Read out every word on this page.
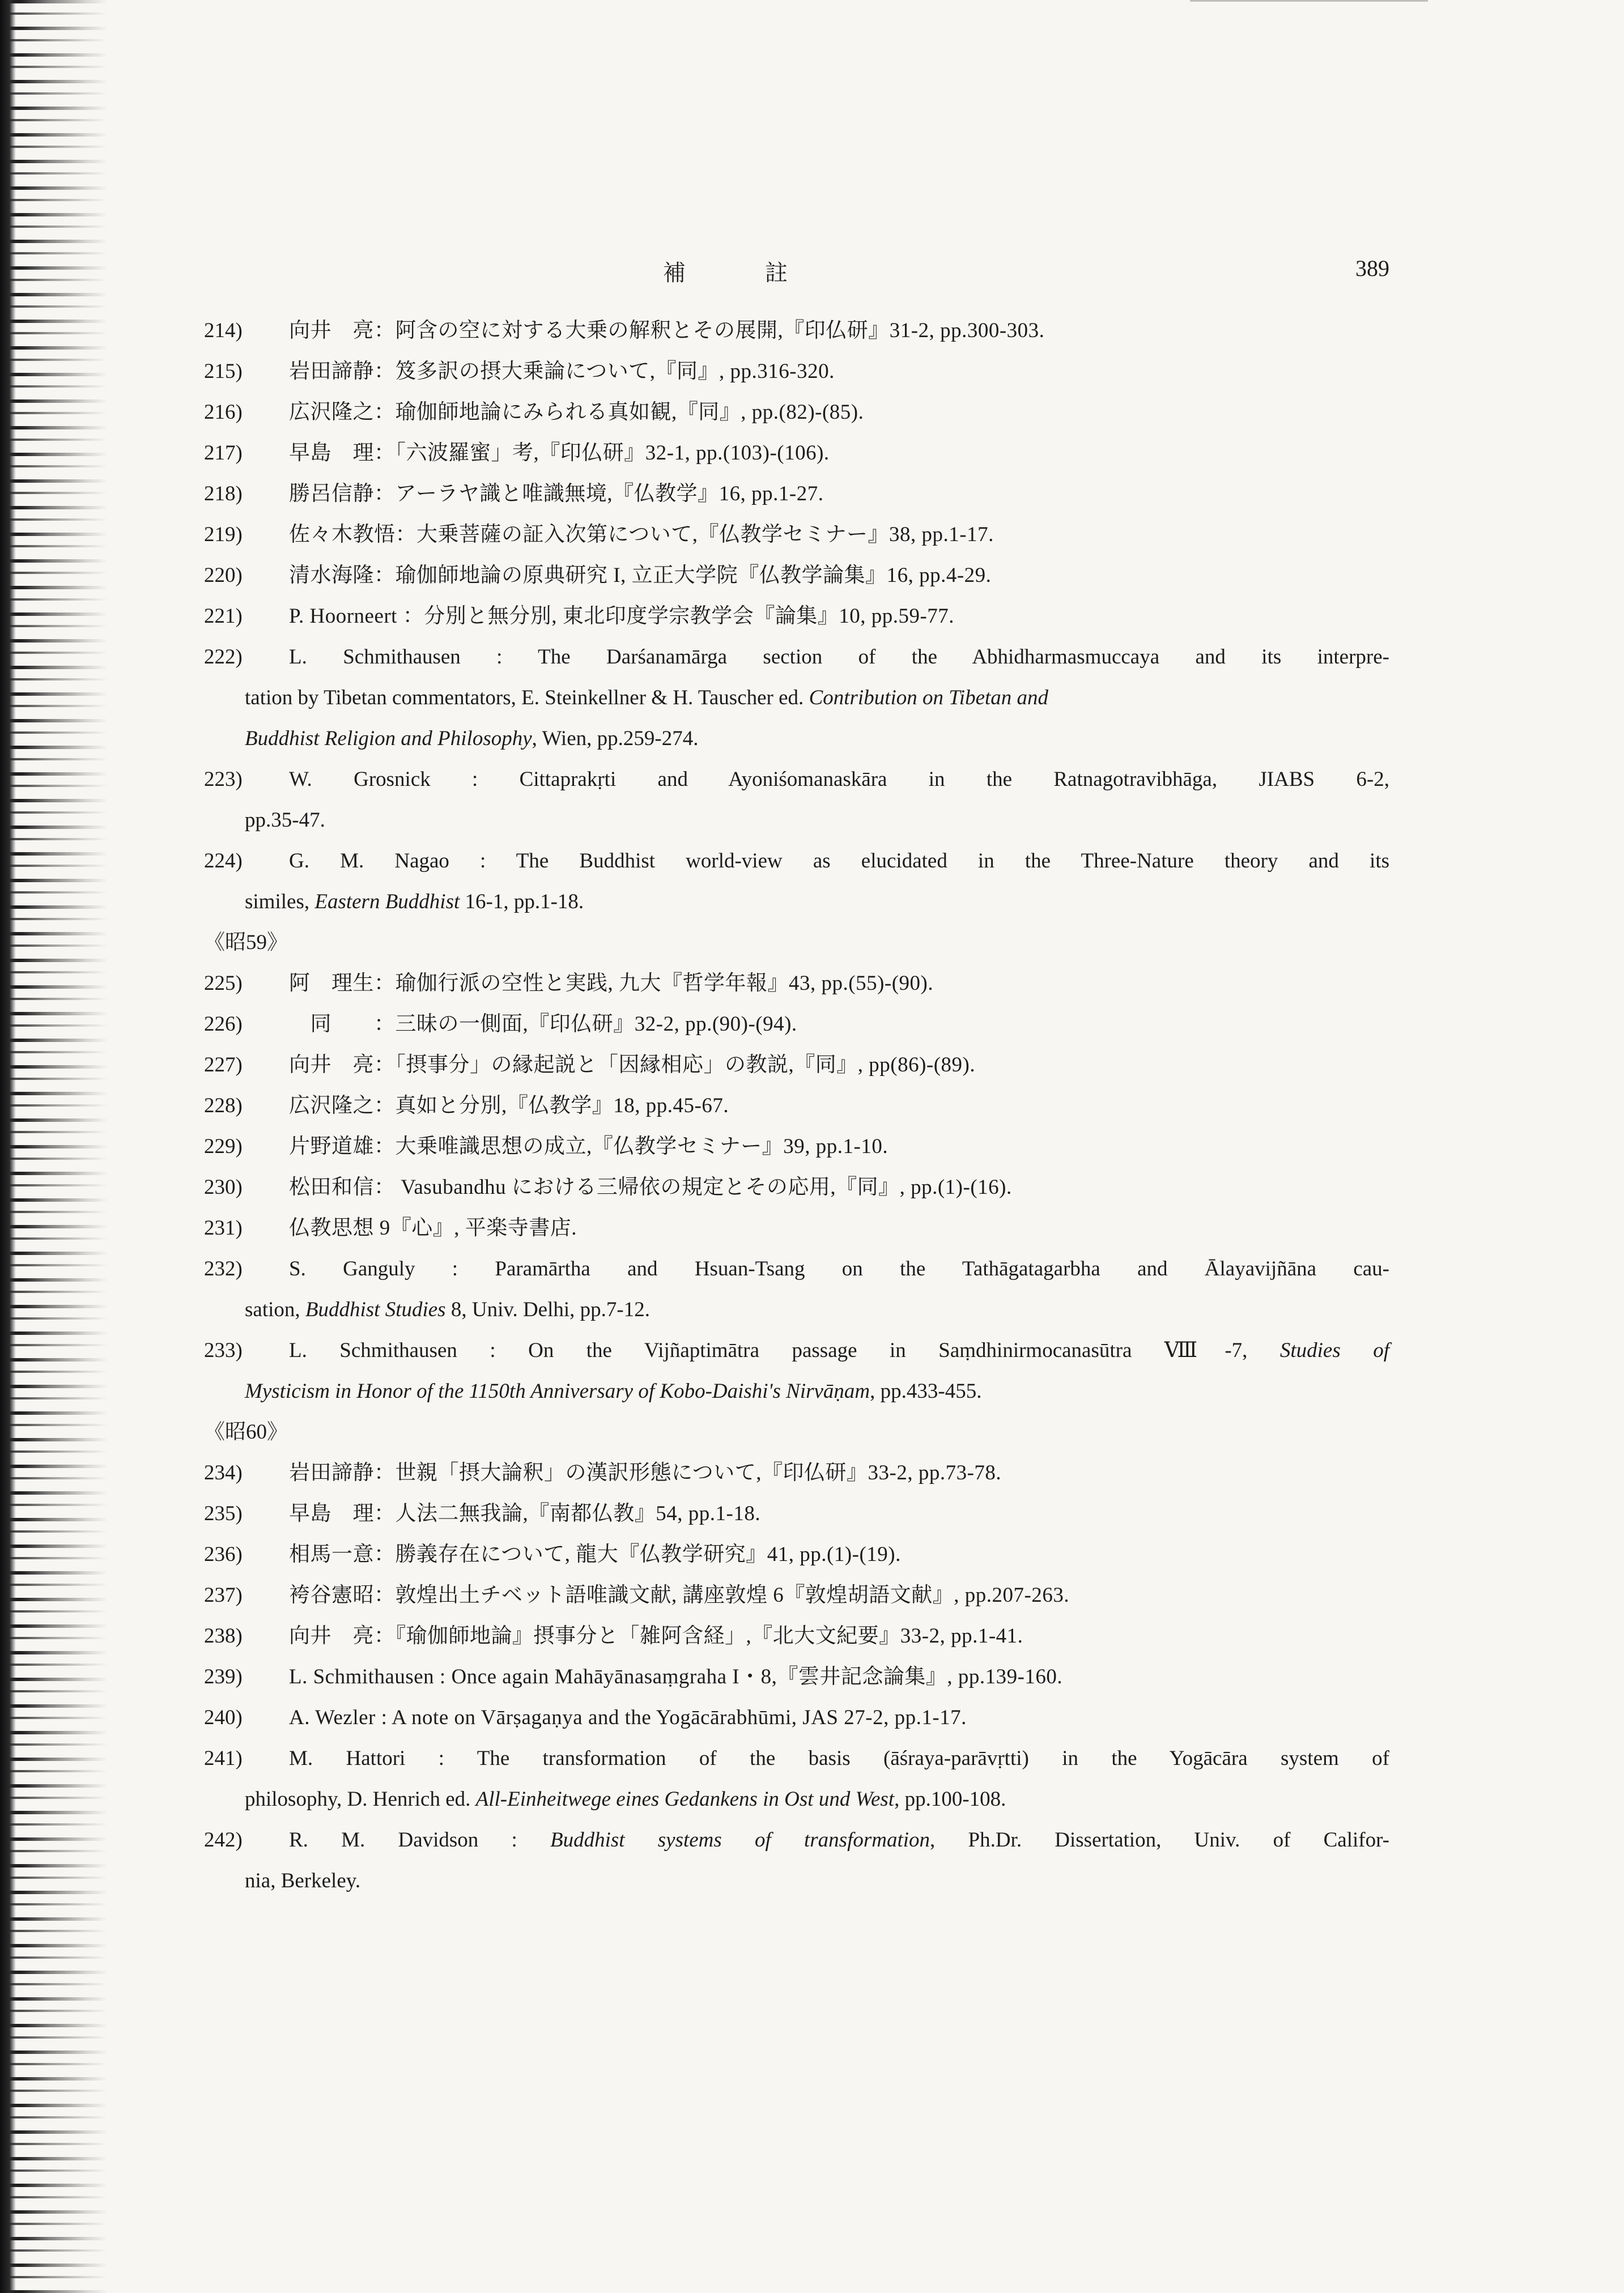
補　註	389
214)	向井　亮：阿含の空に対する大乗の解釈とその展開,『印仏研』31-2, pp.300-303.
215)	岩田諦静：笈多訳の摂大乗論について,『同』, pp.316-320.
216)	広沢隆之：瑜伽師地論にみられる真如観,『同』, pp.(82)-(85).
217)	早島　理：「六波羅蜜」考,『印仏研』32-1, pp.(103)-(106).
218)	勝呂信静：アーラヤ識と唯識無境,『仏教学』16, pp.1-27.
219)	佐々木教悟：大乗菩薩の証入次第について,『仏教学セミナー』38, pp.1-17.
220)	清水海隆：瑜伽師地論の原典研究 I, 立正大学院『仏教学論集』16, pp.4-29.
221)	P. Hoorneert ：分別と無分別, 東北印度学宗教学会『論集』10, pp.59-77.
222)	L. Schmithausen : The Darśanamārga section of the Abhidharmasmuccaya and its interpre-
tation by Tibetan commentators, E. Steinkellner & H. Tauscher ed. Contribution on Tibetan and
Buddhist Religion and Philosophy, Wien, pp.259-274.
223)	W. Grosnick : Cittaprakṛti and Ayoniśomanaskāra in the Ratnagotravibhāga, JIABS 6-2,
pp.35-47.
224)	G. M. Nagao : The Buddhist world-view as elucidated in the Three-Nature theory and its
similes, Eastern Buddhist 16-1, pp.1-18.
《昭59》
225)	阿　理生：瑜伽行派の空性と実践, 九大『哲学年報』43, pp.(55)-(90).
226)	　同　　：三昧の一側面,『印仏研』32-2, pp.(90)-(94).
227)	向井　亮：「摂事分」の縁起説と「因縁相応」の教説,『同』, pp(86)-(89).
228)	広沢隆之：真如と分別,『仏教学』18, pp.45-67.
229)	片野道雄：大乗唯識思想の成立,『仏教学セミナー』39, pp.1-10.
230)	松田和信： Vasubandhu における三帰依の規定とその応用,『同』, pp.(1)-(16).
231)	仏教思想 9『心』, 平楽寺書店.
232)	S. Ganguly : Paramārtha and Hsuan-Tsang on the Tathāgatagarbha and Ālayavijñāna cau-
sation, Buddhist Studies 8, Univ. Delhi, pp.7-12.
233)	L. Schmithausen : On the Vijñaptimātra passage in Saṃdhinirmocanasūtra Ⅷ-7, Studies of
Mysticism in Honor of the 1150th Anniversary of Kobo-Daishi's Nirvāṇam, pp.433-455.
《昭60》
234)	岩田諦静：世親「摂大論釈」の漢訳形態について,『印仏研』33-2, pp.73-78.
235)	早島　理：人法二無我論,『南都仏教』54, pp.1-18.
236)	相馬一意：勝義存在について, 龍大『仏教学研究』41, pp.(1)-(19).
237)	袴谷憲昭：敦煌出土チベット語唯識文献, 講座敦煌 6『敦煌胡語文献』, pp.207-263.
238)	向井　亮：『瑜伽師地論』摂事分と「雑阿含経」,『北大文紀要』33-2, pp.1-41.
239)	L. Schmithausen : Once again Mahāyānasaṃgraha I・8,『雲井記念論集』, pp.139-160.
240)	A. Wezler : A note on Vārṣagaṇya and the Yogācārabhūmi, JAS 27-2, pp.1-17.
241)	M. Hattori : The transformation of the basis (āśraya-parāvṛtti) in the Yogācāra system of
philosophy, D. Henrich ed. All-Einheitwege eines Gedankens in Ost und West, pp.100-108.
242)	R. M. Davidson : Buddhist systems of transformation, Ph.Dr. Dissertation, Univ. of Califor-
nia, Berkeley.
